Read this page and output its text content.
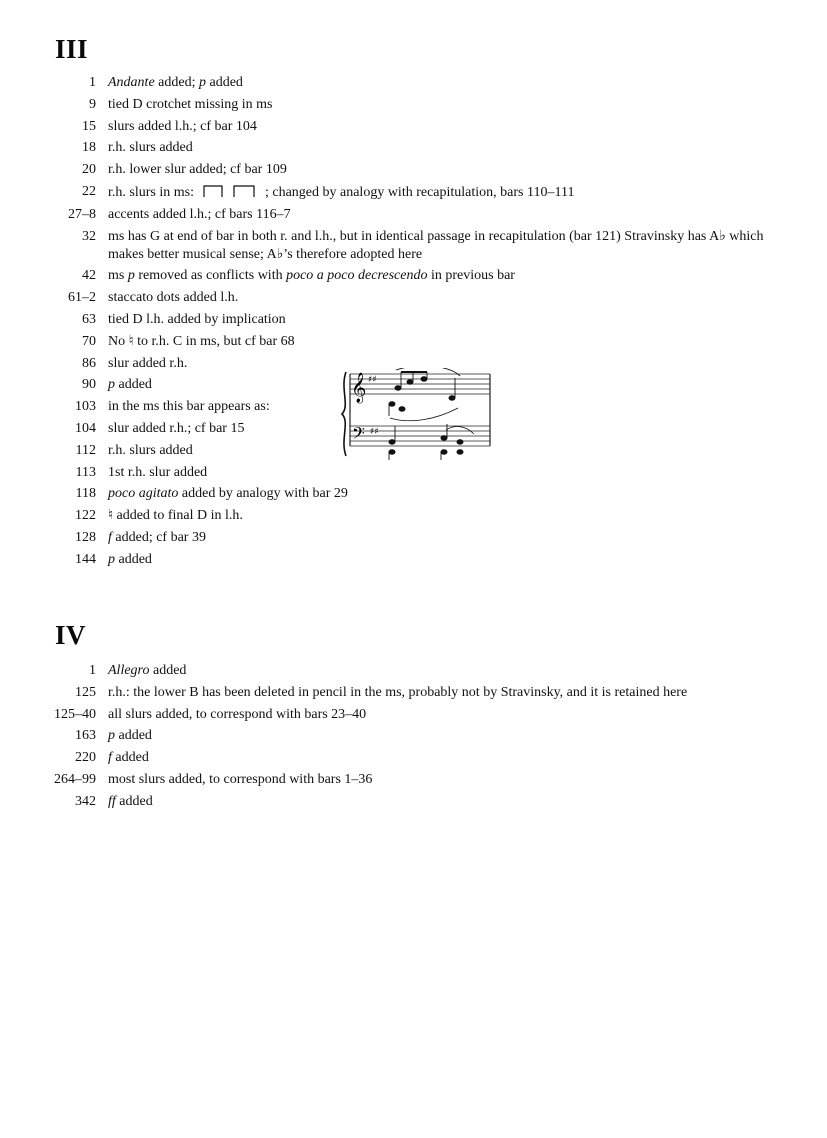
III
1 Andante added; p added
9 tied D crotchet missing in ms
15 slurs added l.h.; cf bar 104
18 r.h. slurs added
20 r.h. lower slur added; cf bar 109
22 r.h. slurs in ms:	; changed by analogy with recapitulation, bars 110–111
27–8 accents added l.h.; cf bars 116–7
32 ms has G at end of bar in both r. and l.h., but in identical passage in recapitulation (bar 121) Stravinsky has A♭ which makes better musical sense; A♭’s therefore adopted here
42 ms p removed as conflicts with poco a poco decrescendo in previous bar
61–2 staccato dots added l.h.
63 tied D l.h. added by implication
70 No ♮ to r.h. C in ms, but cf bar 68
86 slur added r.h.
90 p added
103 in the ms this bar appears as:
104 slur added r.h.; cf bar 15
112 r.h. slurs added
113 1st r.h. slur added
118 poco agitato added by analogy with bar 29
122 ♮ added to final D in l.h.
128 f added; cf bar 39
144 p added
𝄞
𝄢
♯♯
♯♯
IV
1 Allegro added
125 r.h.: the lower B has been deleted in pencil in the ms, probably not by Stravinsky, and it is retained here
125–40 all slurs added, to correspond with bars 23–40
163 p added
220 f added
264–99 most slurs added, to correspond with bars 1–36
342 ff added
